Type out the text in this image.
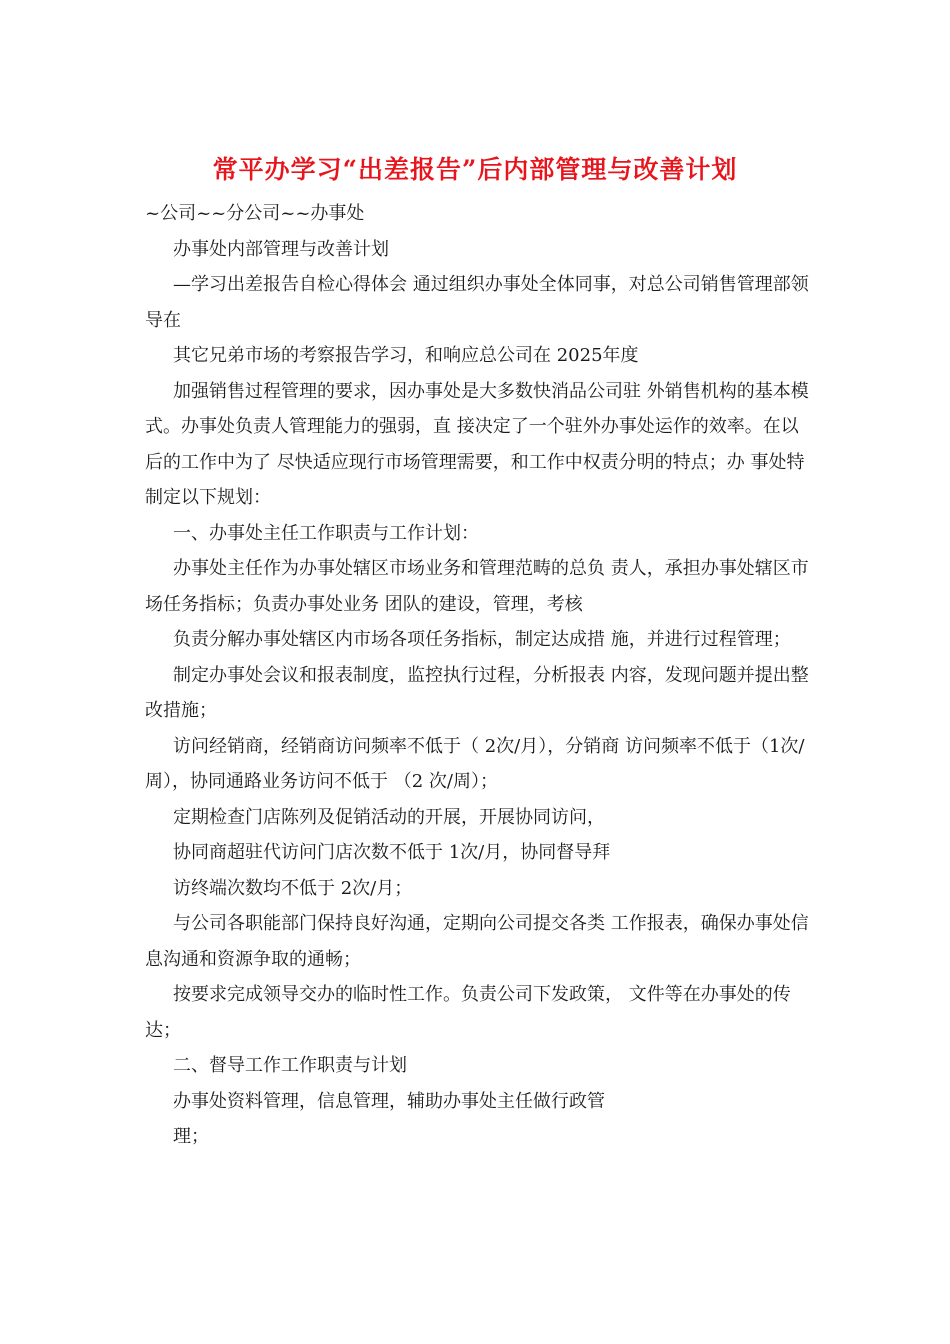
常平办学习“出差报告”后内部管理与改善计划

~公司~~分公司~~办事处

办事处内部管理与改善计划

—学习出差报告自检心得体会 通过组织办事处全体同事，对总公司销售管理部领导在

其它兄弟市场的考察报告学习，和响应总公司在 2025年度

加强销售过程管理的要求，因办事处是大多数快消品公司驻 外销售机构的基本模式。办事处负责人管理能力的强弱，直 接决定了一个驻外办事处运作的效率。在以后的工作中为了 尽快适应现行市场管理需要，和工作中权责分明的特点；办 事处特制定以下规划：

一、办事处主任工作职责与工作计划：

办事处主任作为办事处辖区市场业务和管理范畴的总负 责人，承担办事处辖区市场任务指标；负责办事处业务 团队的建设，管理，考核

负责分解办事处辖区内市场各项任务指标，制定达成措 施，并进行过程管理；

制定办事处会议和报表制度，监控执行过程，分析报表 内容，发现问题并提出整改措施；

访问经销商，经销商访问频率不低于（ 2次/月），分销商 访问频率不低于（1次/周），协同通路业务访问不低于 （2 次/周）；

定期检查门店陈列及促销活动的开展，开展协同访问，

协同商超驻代访问门店次数不低于 1次/月，协同督导拜

访终端次数均不低于 2次/月；

与公司各职能部门保持良好沟通，定期向公司提交各类 工作报表，确保办事处信息沟通和资源争取的通畅；

按要求完成领导交办的临时性工作。负责公司下发政策， 文件等在办事处的传达；

二、督导工作工作职责与计划

办事处资料管理，信息管理，辅助办事处主任做行政管

理；
